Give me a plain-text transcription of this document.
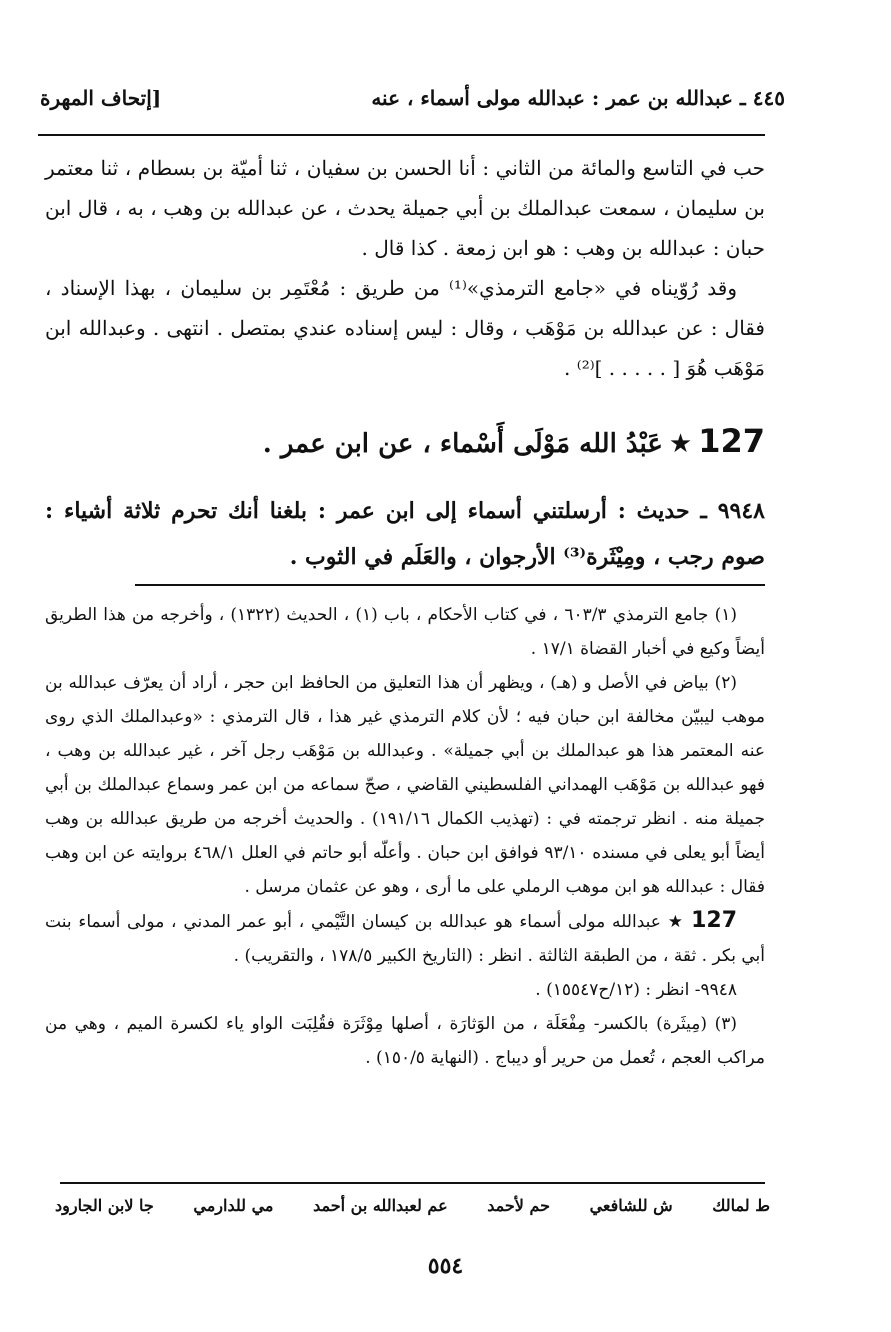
٤٤٥ ـ عبدالله بن عمر : عبدالله مولى أسماء ، عنه
[إتحاف المهرة

حب في التاسع والمائة من الثاني : أنا الحسن بن سفيان ، ثنا أميّة بن بسطام ، ثنا معتمر بن سليمان ، سمعت عبدالملك بن أبي جميلة يحدث ، عن عبدالله بن وهب ، به ، قال ابن حبان : عبدالله بن وهب : هو ابن زمعة . كذا قال .

وقد رُوّيناه في «جامع الترمذي»⁽¹⁾ من طريق : مُعْتَمِر بن سليمان ، بهذا الإسناد ، فقال : عن عبدالله بن مَوْهَب ، وقال : ليس إسناده عندي بمتصل . انتهى . وعبدالله ابن مَوْهَب هُوَ [ . . . . . ]⁽²⁾ .

127★عَبْدُ الله مَوْلَى أَسْماء ، عن ابن عمر .
٩٩٤٨ ـ حديث : أرسلتني أسماء إلى ابن عمر : بلغنا أنك تحرم ثلاثة أشياء : صوم رجب ، ومِيْثَرة⁽³⁾ الأرجوان ، والعَلَم في الثوب .

(١) جامع الترمذي ٦٠٣/٣ ، في كتاب الأحكام ، باب (١) ، الحديث (١٣٢٢) ، وأخرجه من هذا الطريق أيضاً وكيع في أخبار القضاة ١٧/١ .

(٢) بياض في الأصل و (هـ) ، ويظهر أن هذا التعليق من الحافظ ابن حجر ، أراد أن يعرّف عبدالله بن موهب ليبيّن مخالفة ابن حبان فيه ؛ لأن كلام الترمذي غير هذا ، قال الترمذي : «وعبدالملك الذي روى عنه المعتمر هذا هو عبدالملك بن أبي جميلة» . وعبدالله بن مَوْهَب رجل آخر ، غير عبدالله بن وهب ، فهو عبدالله بن مَوْهَب الهمداني الفلسطيني القاضي ، صحّ سماعه من ابن عمر وسماع عبدالملك بن أبي جميلة منه . انظر ترجمته في : (تهذيب الكمال ١٩١/١٦) . والحديث أخرجه من طريق عبدالله بن وهب أيضاً أبو يعلى في مسنده ٩٣/١٠ فوافق ابن حبان . وأعلّه أبو حاتم في العلل ٤٦٨/١ بروايته عن ابن وهب فقال : عبدالله هو ابن موهب الرملي على ما أرى ، وهو عن عثمان مرسل .

127 ★ عبدالله مولى أسماء هو عبدالله بن كيسان التَّيْمي ، أبو عمر المدني ، مولى أسماء بنت أبي بكر . ثقة ، من الطبقة الثالثة . انظر : (التاريخ الكبير ١٧٨/٥ ، والتقريب) .

٩٩٤٨- انظر : (١٢/ح١٥٥٤٧) .

(٣) (مِيثَرة) بالكسر- مِفْعَلَة ، من الوَثارَة ، أصلها مِوْثَرَة فقُلِبَت الواو ياء لكسرة الميم ، وهي من مراكب العجم ، تُعمل من حرير أو ديباج . (النهاية ١٥٠/٥) .

ط لمالك
ش للشافعي
حم لأحمد
عم لعبدالله بن أحمد
مي للدارمي
جا لابن الجارود
٥٥٤
